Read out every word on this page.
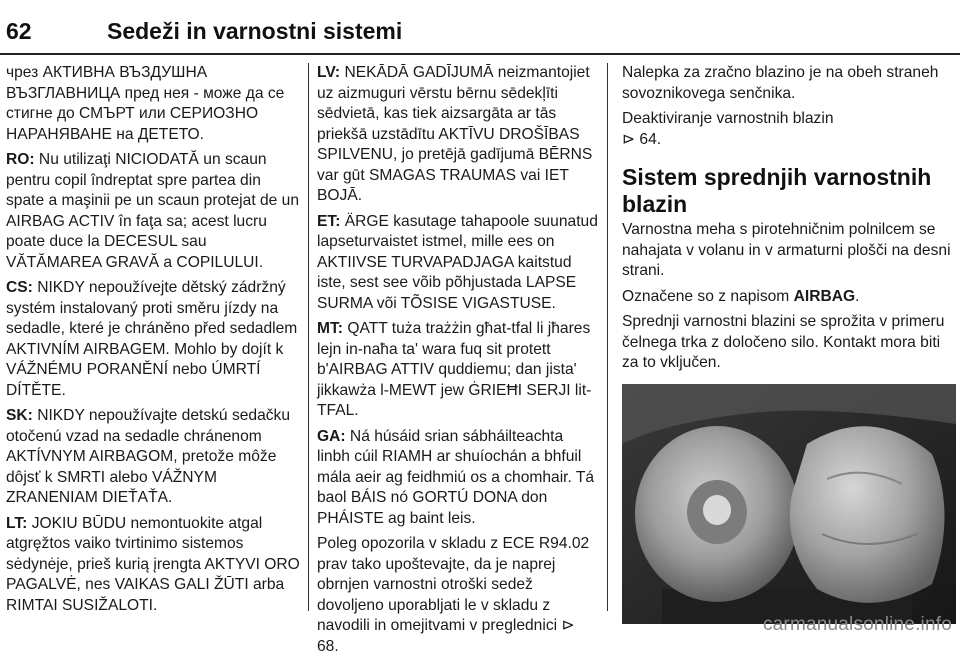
62	Sedeži in varnostni sistemi

чрез АКТИВНА ВЪЗДУШНА ВЪЗГЛАВНИЦА пред нея - може да се стигне до СМЪРТ или СЕРИОЗНО НАРАНЯВАНЕ на ДЕТЕТО.

RO: Nu utilizaţi NICIODATĂ un scaun pentru copil îndreptat spre partea din spate a maşinii pe un scaun protejat de un AIRBAG ACTIV în faţa sa; acest lucru poate duce la DECESUL sau VĂTĂMAREA GRAVĂ a COPILULUI.

CS: NIKDY nepoužívejte dětský zádržný systém instalovaný proti směru jízdy na sedadle, které je chráněno před sedadlem AKTIVNÍM AIRBAGEM. Mohlo by dojít k VÁŽNÉMU PORANĚNÍ nebo ÚMRTÍ DÍTĚTE.

SK: NIKDY nepoužívajte detskú sedačku otočenú vzad na sedadle chránenom AKTÍVNYM AIRBAGOM, pretože môže dôjsť k SMRTI alebo VÁŽNYM ZRANENIAM DIEŤAŤA.

LT: JOKIU BŪDU nemontuokite atgal atgręžtos vaiko tvirtinimo sistemos sėdynėje, prieš kurią įrengta AKTYVI ORO PAGALVĖ, nes VAIKAS GALI ŽŪTI arba RIMTAI SUSIŽALOTI.

LV: NEKĀDĀ GADĪJUMĀ neizmantojiet uz aizmuguri vērstu bērnu sēdekļīti sēdvietā, kas tiek aizsargāta ar tās priekšā uzstādītu AKTĪVU DROŠĪBAS SPILVENU, jo pretējā gadījumā BĒRNS var gūt SMAGAS TRAUMAS vai IET BOJĀ.

ET: ÄRGE kasutage tahapoole suunatud lapseturvaistet istmel, mille ees on AKTIIVSE TURVAPADJAGA kaitstud iste, sest see võib põhjustada LAPSE SURMA või TÕSISE VIGASTUSE.

MT: QATT tuża trażżin għat-tfal li jħares lejn in-naħa ta' wara fuq sit protett b'AIRBAG ATTIV quddiemu; dan jista' jikkawża l-MEWT jew ĠRIEĦI SERJI lit-TFAL.

GA: Ná húsáid srian sábháilteachta linbh cúil RIAMH ar shuíochán a bhfuil mála aeir ag feidhmiú os a chomhair. Tá baol BÁIS nó GORTÚ DONA don PHÁISTE ag baint leis.

Poleg opozorila v skladu z ECE R94.02 prav tako upoštevajte, da je naprej obrnjen varnostni otroški sedež dovoljeno uporabljati le v skladu z navodili in omejitvami v preglednici ⊳ 68.

Nalepka za zračno blazino je na obeh straneh sovoznikovega senčnika.

Deaktiviranje varnostnih blazin
⊳ 64.

Sistem sprednjih varnostnih blazin

Varnostna meha s pirotehničnim polnilcem se nahajata v volanu in v armaturni plošči na desni strani.

Označene so z napisom AIRBAG.

Sprednji varnostni blazini se sprožita v primeru čelnega trka z določeno silo. Kontakt mora biti za to vključen.

carmanualsonline.info
